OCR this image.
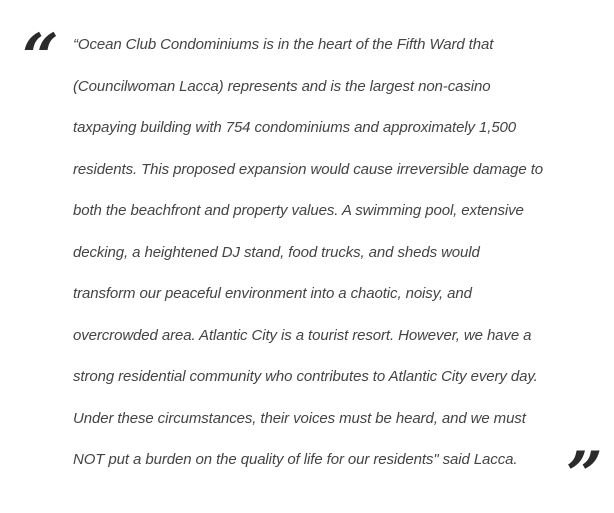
“ “Ocean Club Condominiums is in the heart of the Fifth Ward that
(Councilwoman Lacca) represents and is the largest non-casino
taxpaying building with 754 condominiums and approximately 1,500
residents. This proposed expansion would cause irreversible damage to
both the beachfront and property values. A swimming pool, extensive
decking, a heightened DJ stand, food trucks, and sheds would
transform our peaceful environment into a chaotic, noisy, and
overcrowded area. Atlantic City is a tourist resort. However, we have a
strong residential community who contributes to Atlantic City every day.
Under these circumstances, their voices must be heard, and we must
NOT put a burden on the quality of life for our residents" said Lacca. ”
